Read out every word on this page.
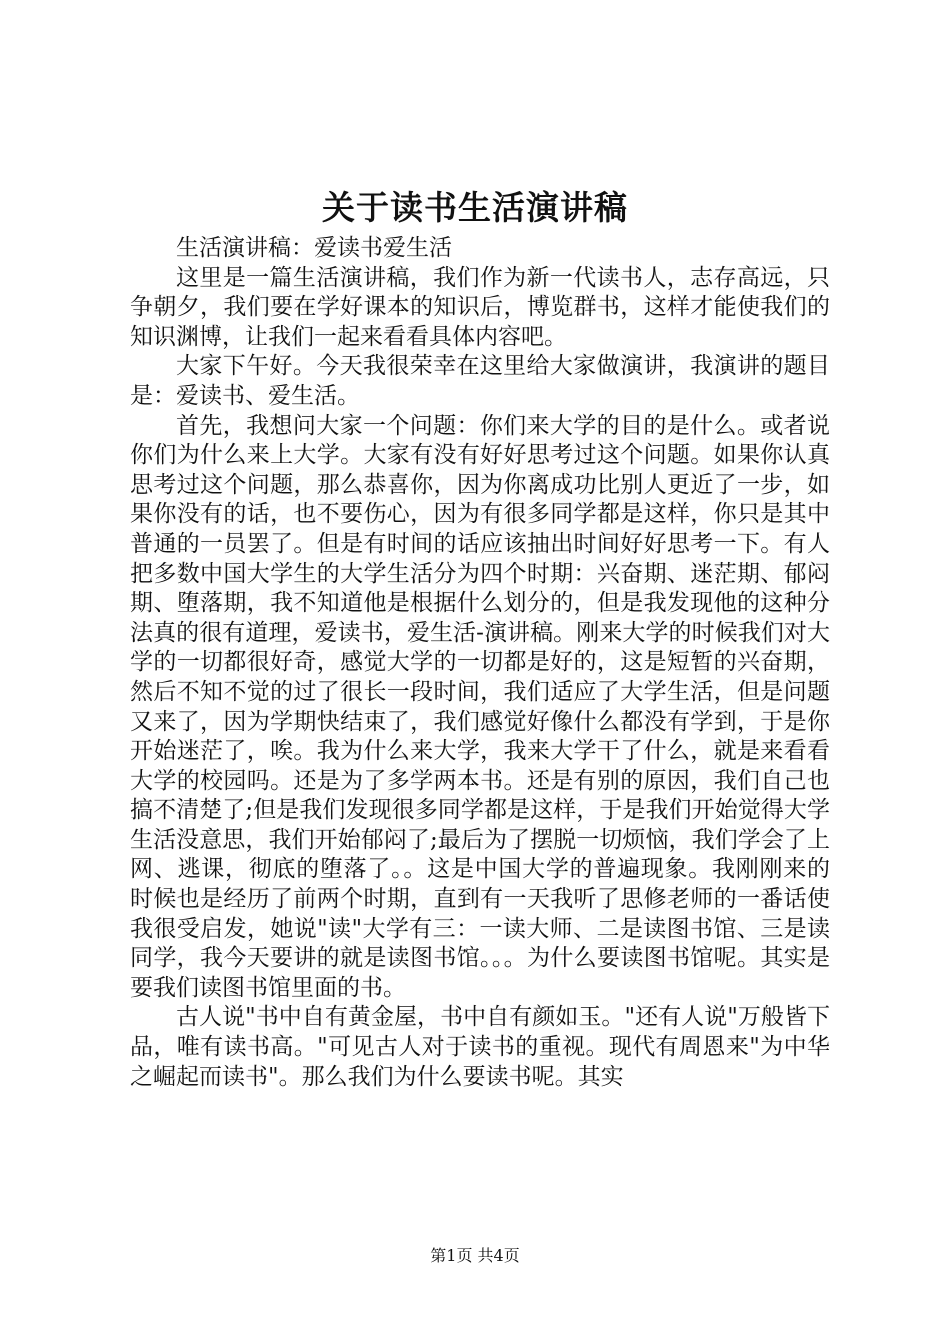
关于读书生活演讲稿

生活演讲稿：爱读书爱生活

这里是一篇生活演讲稿，我们作为新一代读书人，志存高远，只争朝夕，我们要在学好课本的知识后，博览群书，这样才能使我们的知识渊博，让我们一起来看看具体内容吧。

大家下午好。今天我很荣幸在这里给大家做演讲，我演讲的题目是：爱读书、爱生活。

首先，我想问大家一个问题：你们来大学的目的是什么。或者说你们为什么来上大学。大家有没有好好思考过这个问题。如果你认真思考过这个问题，那么恭喜你，因为你离成功比别人更近了一步，如果你没有的话，也不要伤心，因为有很多同学都是这样，你只是其中普通的一员罢了。但是有时间的话应该抽出时间好好思考一下。有人把多数中国大学生的大学生活分为四个时期：兴奋期、迷茫期、郁闷期、堕落期，我不知道他是根据什么划分的，但是我发现他的这种分法真的很有道理，爱读书，爱生活-演讲稿。刚来大学的时候我们对大学的一切都很好奇，感觉大学的一切都是好的，这是短暂的兴奋期，然后不知不觉的过了很长一段时间，我们适应了大学生活，但是问题又来了，因为学期快结束了，我们感觉好像什么都没有学到，于是你开始迷茫了，唉。我为什么来大学，我来大学干了什么，就是来看看大学的校园吗。还是为了多学两本书。还是有别的原因，我们自己也搞不清楚了;但是我们发现很多同学都是这样，于是我们开始觉得大学生活没意思，我们开始郁闷了;最后为了摆脱一切烦恼，我们学会了上网、逃课，彻底的堕落了。。这是中国大学的普遍现象。我刚刚来的时候也是经历了前两个时期，直到有一天我听了思修老师的一番话使我很受启发，她说"读"大学有三：一读大师、二是读图书馆、三是读同学，我今天要讲的就是读图书馆。。。为什么要读图书馆呢。其实是要我们读图书馆里面的书。

古人说"书中自有黄金屋，书中自有颜如玉。"还有人说"万般皆下品，唯有读书高。"可见古人对于读书的重视。现代有周恩来"为中华之崛起而读书"。那么我们为什么要读书呢。其实

第1页 共4页
